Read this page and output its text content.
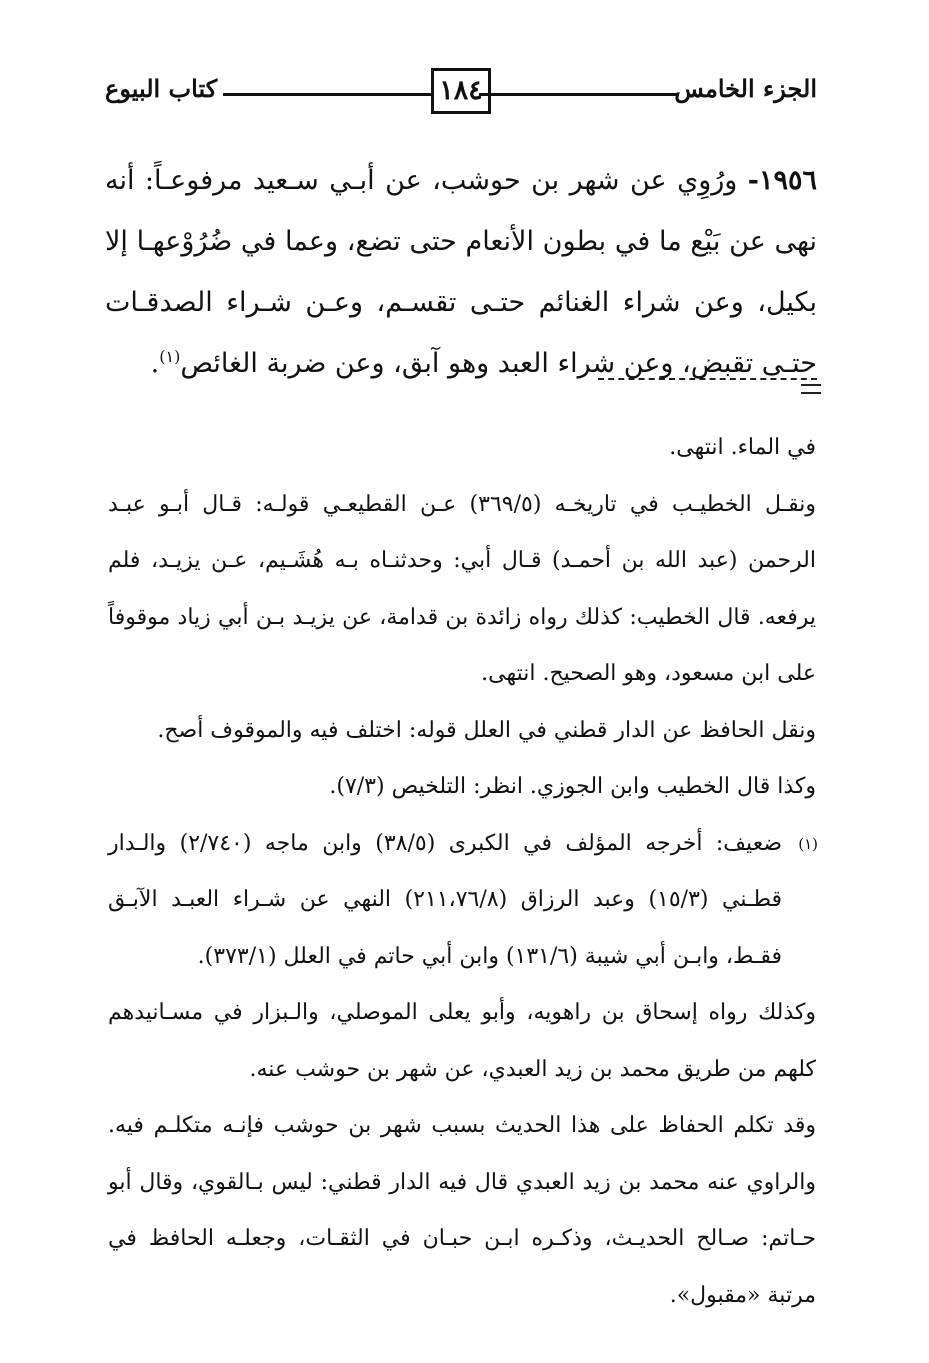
الجزء الخامس
١٨٤
كتاب البيوع

١٩٥٦- ورُوِي عن شهر بن حوشب، عن أبـي سـعيد مرفوعـاً: أنه نهى عن بَيْع ما في بطون الأنعام حتى تضع، وعما في ضُرُوْعهـا إلا بكيل، وعن شراء الغنائم حتـى تقسـم، وعـن شـراء الصدقـات حتـى تقبض، وعن شراء العبد وهو آبق، وعن ضربة الغائص$^{(١)}$.

في الماء. انتهى.

ونقـل الخطيـب في تاريخـه (٣٦٩/٥) عـن القطيعـي قولـه: قـال أبـو عبـد الرحمن (عبد الله بن أحمـد) قـال أبي: وحدثنـاه بـه هُشَـيم، عـن يزيـد، فلم يرفعه. قال الخطيب: كذلك رواه زائدة بن قدامة، عن يزيـد بـن أبي زياد موقوفاً على ابن مسعود، وهو الصحيح. انتهى.

ونقل الحافظ عن الدار قطني في العلل قوله: اختلف فيه والموقوف أصح.

وكذا قال الخطيب وابن الجوزي. انظر: التلخيص (٧/٣).

(١)
ضعيف: أخرجه المؤلف في الكبرى (٣٨/٥) وابن ماجه (٢/٧٤٠) والـدار قطـني (١٥/٣) وعبد الرزاق (٢١١،٧٦/٨) النهي عن شـراء العبـد الآبـق فقـط، وابـن أبي شيبة (١٣١/٦) وابن أبي حاتم في العلل (٣٧٣/١).

وكذلك رواه إسحاق بن راهويه، وأبو يعلى الموصلي، والـبزار في مسـانيدهم كلهم من طريق محمد بن زيد العبدي، عن شهر بن حوشب عنه.

وقد تكلم الحفاظ على هذا الحديث بسبب شهر بن حوشب فإنـه متكلـم فيه. والراوي عنه محمد بن زيد العبدي قال فيه الدار قطني: ليس بـالقوي، وقال أبو حـاتم: صـالح الحديـث، وذكـره ابـن حبـان في الثقـات، وجعلـه الحافظ في مرتبة «مقبول».
